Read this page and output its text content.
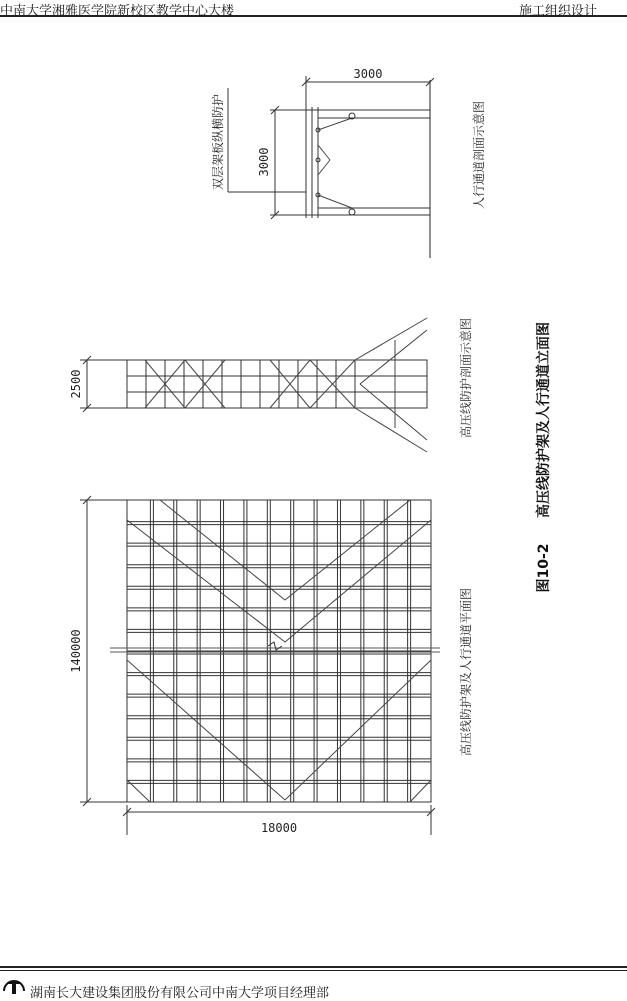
中南大学湘雅医学院新校区教学中心大楼	施工组织设计
140000
18000
2500
3000
3000
高压线防护架及人行通道平面图
高压线防护剖面示意图
人行通道剖面示意图
双层架板纵横防护
图10-2
高压线防护架及人行通道立面图
湖南长大建设集团股份有限公司中南大学项目经理部
